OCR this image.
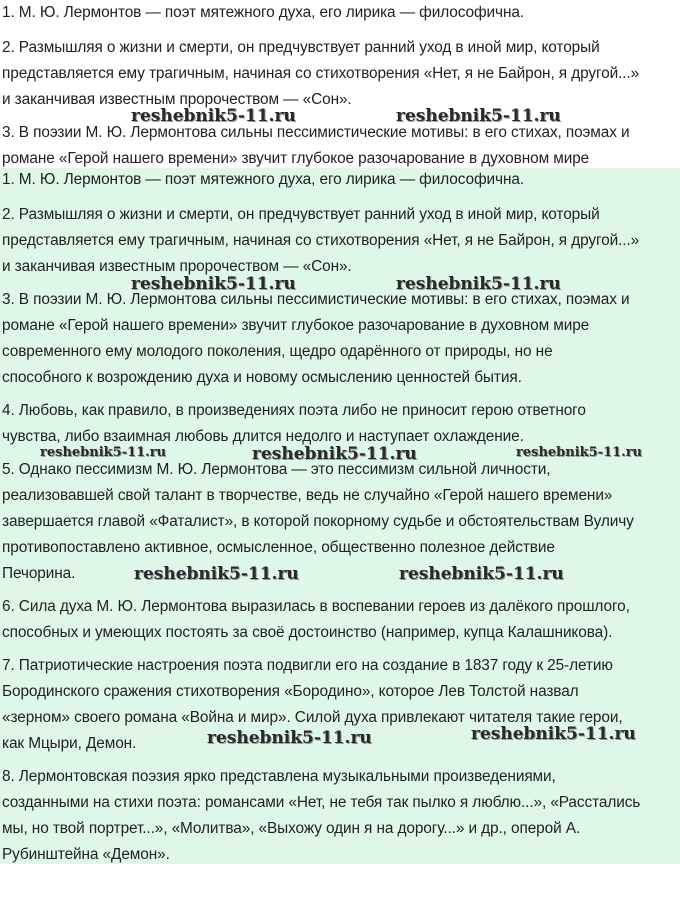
1. М. Ю. Лермонтов — поэт мятежного духа, его лирика — философична.
2. Размышляя о жизни и смерти, он предчувствует ранний уход в иной мир, который
представляется ему трагичным, начиная со стихотворения «Нет, я не Байрон, я другой...»
и заканчивая известным пророчеством — «Сон».
3. В поэзии М. Ю. Лермонтова сильны пессимистические мотивы: в его стихах, поэмах и
романе «Герой нашего времени» звучит глубокое разочарование в духовном мире
reshebnik5-11.ru	reshebnik5-11.ru
1. М. Ю. Лермонтов — поэт мятежного духа, его лирика — философична.
2. Размышляя о жизни и смерти, он предчувствует ранний уход в иной мир, который
представляется ему трагичным, начиная со стихотворения «Нет, я не Байрон, я другой...»
и заканчивая известным пророчеством — «Сон».
3. В поэзии М. Ю. Лермонтова сильны пессимистические мотивы: в его стихах, поэмах и
романе «Герой нашего времени» звучит глубокое разочарование в духовном мире
современного ему молодого поколения, щедро одарённого от природы, но не
способного к возрождению духа и новому осмыслению ценностей бытия.
4. Любовь, как правило, в произведениях поэта либо не приносит герою ответного
чувства, либо взаимная любовь длится недолго и наступает охлаждение.
5. Однако пессимизм М. Ю. Лермонтова — это пессимизм сильной личности,
реализовавшей свой талант в творчестве, ведь не случайно «Герой нашего времени»
завершается главой «Фаталист», в которой покорному судьбе и обстоятельствам Вуличу
противопоставлено активное, осмысленное, общественно полезное действие
Печорина.
6. Сила духа М. Ю. Лермонтова выразилась в воспевании героев из далёкого прошлого,
способных и умеющих постоять за своё достоинство (например, купца Калашникова).
7. Патриотические настроения поэта подвигли его на создание в 1837 году к 25-летию
Бородинского сражения стихотворения «Бородино», которое Лев Толстой назвал
«зерном» своего романа «Война и мир». Силой духа привлекают читателя такие герои,
как Мцыри, Демон.
8. Лермонтовская поэзия ярко представлена музыкальными произведениями,
созданными на стихи поэта: романсами «Нет, не тебя так пылко я люблю...», «Расстались
мы, но твой портрет...», «Молитва», «Выхожу один я на дорогу...» и др., оперой А.
Рубинштейна «Демон».
reshebnik5-11.ru	reshebnik5-11.ru
reshebnik5-11.ru	reshebnik5-11.ru	reshebnik5-11.ru
reshebnik5-11.ru	reshebnik5-11.ru
reshebnik5-11.ru	reshebnik5-11.ru
